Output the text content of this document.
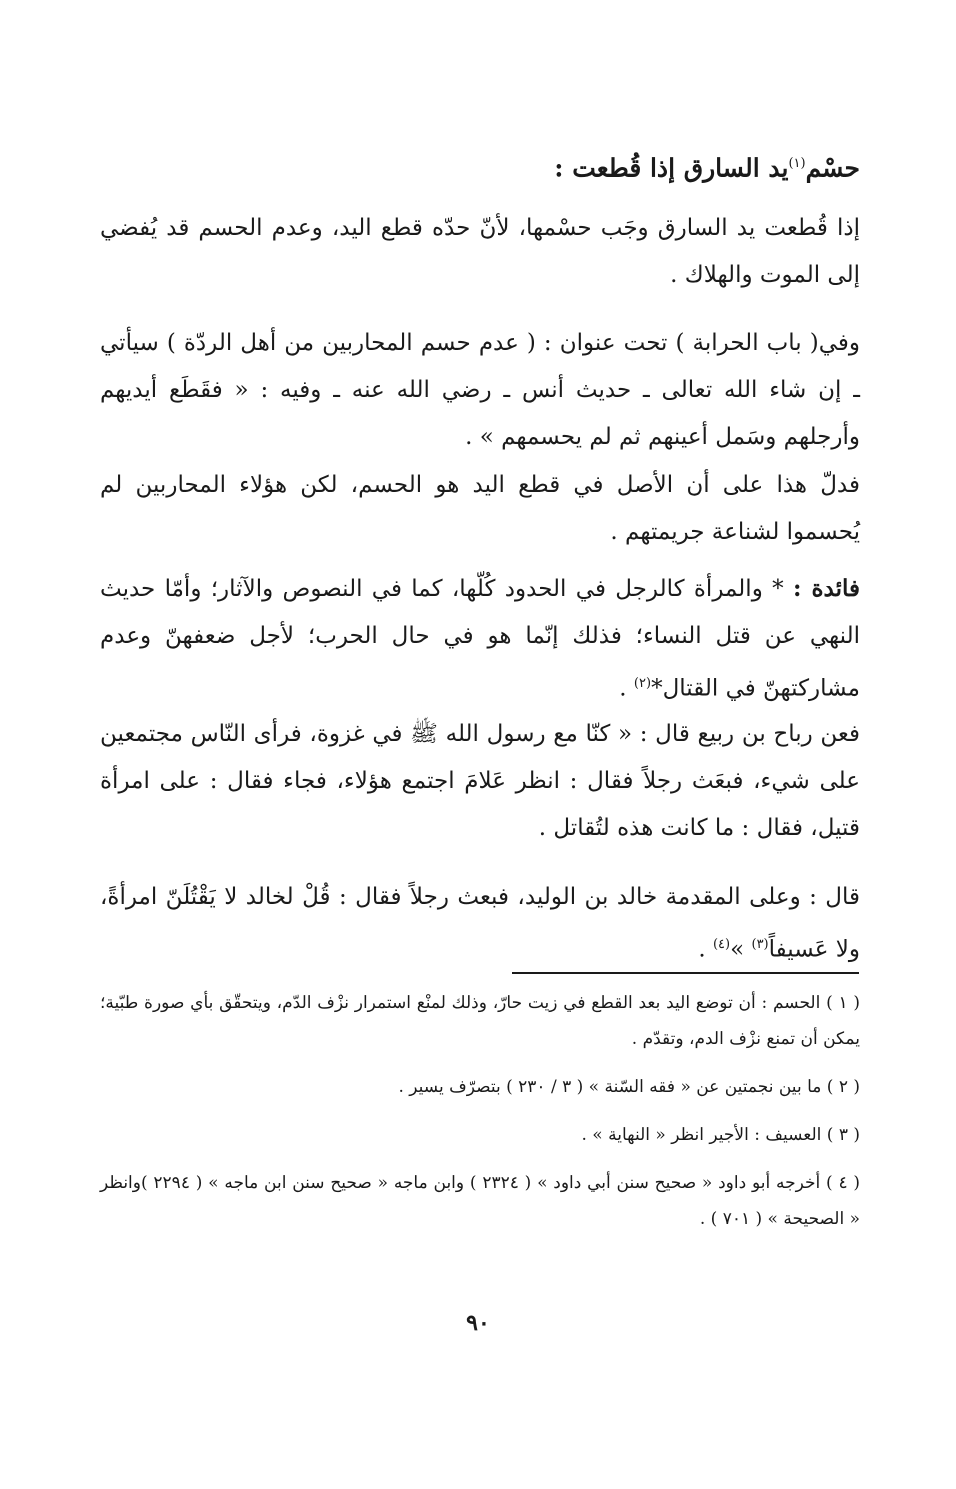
حسْم$^{(١)}$يد السارق إذا قُطعت :
إذا قُطعت يد السارق وجَب حسْمها، لأنّ حدّه قطع اليد، وعدم الحسم قد يُفضي إلى الموت والهلاك .
وفي( باب الحرابة ) تحت عنوان : ( عدم حسم المحاربين من أهل الردّة ) سيأتي ـ إن شاء الله تعالى ـ حديث أنس ـ رضي الله عنه ـ وفيه : « فقَطَع أيديهم وأرجلهم وسَمل أعينهم ثم لم يحسمهم » .
فدلّ هذا على أن الأصل في قطع اليد هو الحسم، لكن هؤلاء المحاربين لم يُحسموا لشناعة جريمتهم .
فائدة : * والمرأة كالرجل في الحدود كُلّها، كما في النصوص والآثار؛ وأمّا حديث النهي عن قتل النساء؛ فذلك إنّما هو في حال الحرب؛ لأجل ضعفهنّ وعدم مشاركتهنّ في القتال*$^{(٢)}$ .
فعن رباح بن ربيع قال : « كنّا مع رسول الله ﷺ في غزوة، فرأى النّاس مجتمعين على شيء، فبعَث رجلاً فقال : انظر عَلامَ اجتمع هؤلاء، فجاء فقال : على امرأة قتيل، فقال : ما كانت هذه لتُقاتل .
قال : وعلى المقدمة خالد بن الوليد، فبعث رجلاً فقال : قُلْ لخالد لا يَقْتُلَنّ امرأةً، ولا عَسيفاً$^{(٣)}$ »$^{(٤)}$ .

( ١ ) الحسم : أن توضع اليد بعد القطع في زيت حارّ، وذلك لمنْع استمرار نزْف الدّم، ويتحقّق بأي صورة طبّية؛ يمكن أن تمنع نزْف الدم، وتقدّم .

( ٢ ) ما بين نجمتين عن « فقه السّنة » ( ٣ / ٢٣٠ ) بتصرّف يسير .

( ٣ ) العسيف : الأجير انظر « النهاية » .

( ٤ ) أخرجه أبو داود « صحيح سنن أبي داود » ( ٢٣٢٤ ) وابن ماجه « صحيح سنن ابن ماجه » ( ٢٢٩٤ )وانظر « الصحيحة » ( ٧٠١ ) .

٩٠
